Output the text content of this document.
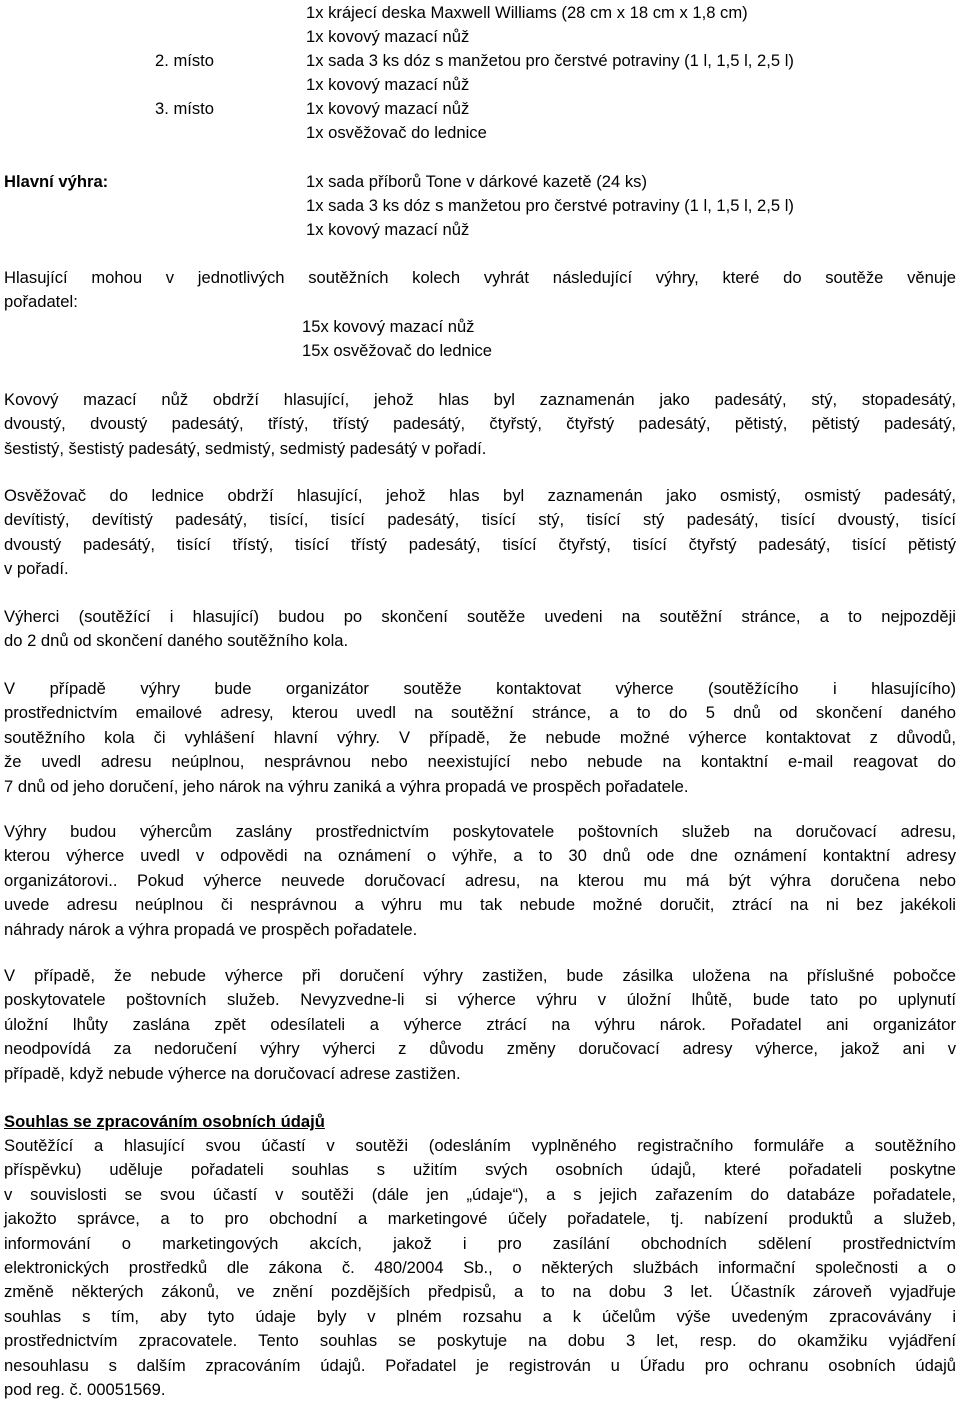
1x krájecí deska Maxwell Williams (28 cm x 18 cm x 1,8 cm)
1x kovový mazací nůž
2. místo	1x sada 3 ks dóz s manžetou pro čerstvé potraviny (1 l, 1,5 l, 2,5 l)
1x kovový mazací nůž
3. místo	1x kovový mazací nůž
1x osvěžovač do lednice
Hlavní výhra:	1x sada příborů Tone v dárkové kazetě (24 ks)
1x sada 3 ks dóz s manžetou pro čerstvé potraviny (1 l, 1,5 l, 2,5 l)
1x kovový mazací nůž
Hlasující mohou v jednotlivých soutěžních kolech vyhrát následující výhry, které do soutěže věnuje
pořadatel:
15x kovový mazací nůž
15x osvěžovač do lednice
Kovový mazací nůž obdrží hlasující, jehož hlas byl zaznamenán jako padesátý, stý, stopadesátý,
dvoustý, dvoustý padesátý, třístý, třístý padesátý, čtyřstý, čtyřstý padesátý, pětistý, pětistý padesátý,
šestistý, šestistý padesátý, sedmistý, sedmistý padesátý v pořadí.
Osvěžovač do lednice obdrží hlasující, jehož hlas byl zaznamenán jako osmistý, osmistý padesátý,
devítistý, devítistý padesátý, tisící, tisící padesátý, tisící stý, tisící stý padesátý, tisící dvoustý, tisící
dvoustý padesátý, tisící třístý, tisící třístý padesátý, tisící čtyřstý, tisící čtyřstý padesátý, tisící pětistý
v pořadí.
Výherci (soutěžící i hlasující) budou po skončení soutěže uvedeni na soutěžní stránce, a to nejpozději
do 2 dnů od skončení daného soutěžního kola.
V případě výhry bude organizátor soutěže kontaktovat výherce (soutěžícího i hlasujícího)
prostřednictvím emailové adresy, kterou uvedl na soutěžní stránce, a to do 5 dnů od skončení daného
soutěžního kola či vyhlášení hlavní výhry. V případě, že nebude možné výherce kontaktovat z důvodů,
že uvedl adresu neúplnou, nesprávnou nebo neexistující nebo nebude na kontaktní e-mail reagovat do
7 dnů od jeho doručení, jeho nárok na výhru zaniká a výhra propadá ve prospěch pořadatele.
Výhry budou výhercům zaslány prostřednictvím poskytovatele poštovních služeb na doručovací adresu,
kterou výherce uvedl v odpovědi na oznámení o výhře, a to 30 dnů ode dne oznámení kontaktní adresy
organizátorovi.. Pokud výherce neuvede doručovací adresu, na kterou mu má být výhra doručena nebo
uvede adresu neúplnou či nesprávnou a výhru mu tak nebude možné doručit, ztrácí na ni bez jakékoli
náhrady nárok a výhra propadá ve prospěch pořadatele.
V případě, že nebude výherce při doručení výhry zastižen, bude zásilka uložena na příslušné pobočce
poskytovatele poštovních služeb. Nevyzvedne-li si výherce výhru v úložní lhůtě, bude tato po uplynutí
úložní lhůty zaslána zpět odesílateli a výherce ztrácí na výhru nárok. Pořadatel ani organizátor
neodpovídá za nedoručení výhry výherci z důvodu změny doručovací adresy výherce, jakož ani v
případě, když nebude výherce na doručovací adrese zastižen.
Souhlas se zpracováním osobních údajů
Soutěžící a hlasující svou účastí v soutěži (odesláním vyplněného registračního formuláře a soutěžního
příspěvku) uděluje pořadateli souhlas s užitím svých osobních údajů, které pořadateli poskytne
v souvislosti se svou účastí v soutěži (dále jen „údaje“), a s jejich zařazením do databáze pořadatele,
jakožto správce, a to pro obchodní a marketingové účely pořadatele, tj. nabízení produktů a služeb,
informování o marketingových akcích, jakož i pro zasílání obchodních sdělení prostřednictvím
elektronických prostředků dle zákona č. 480/2004 Sb., o některých službách informační společnosti a o
změně některých zákonů, ve znění pozdějších předpisů, a to na dobu 3 let. Účastník zároveň vyjadřuje
souhlas s tím, aby tyto údaje byly v plném rozsahu a k účelům výše uvedeným zpracovávány i
prostřednictvím zpracovatele. Tento souhlas se poskytuje na dobu 3 let, resp. do okamžiku vyjádření
nesouhlasu s dalším zpracováním údajů. Pořadatel je registrován u Úřadu pro ochranu osobních údajů
pod reg. č. 00051569.
